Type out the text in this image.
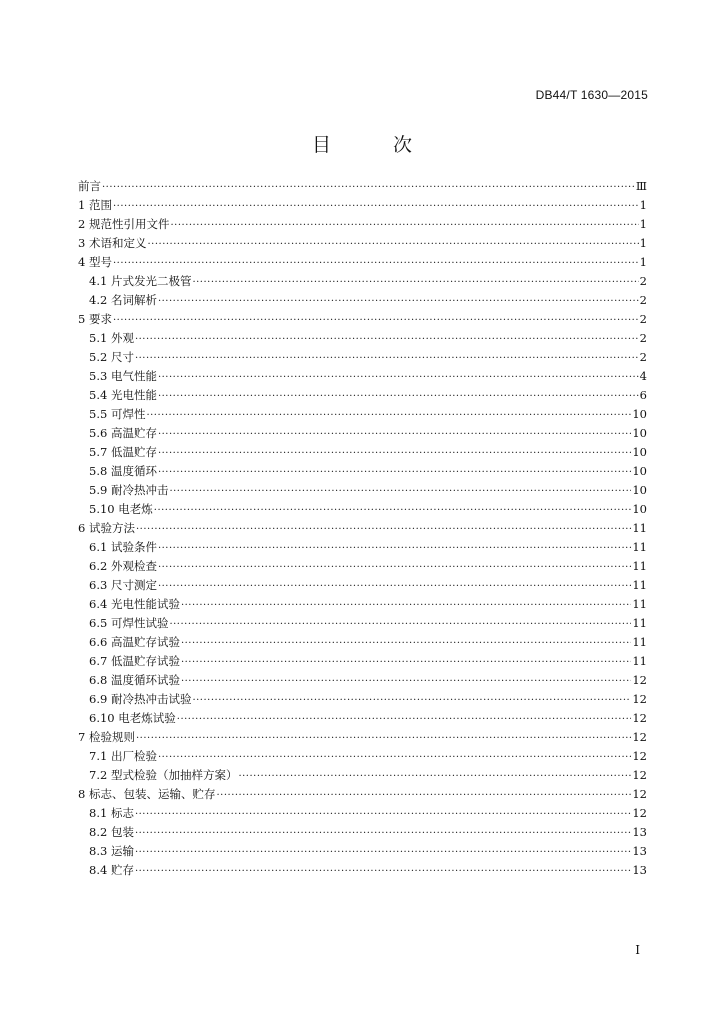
DB44/T 1630—2015
目 次
前言 ·····	Ⅲ
1 范围 ·····	1
2 规范性引用文件 ·····	1
3 术语和定义 ·····	1
4 型号 ·····	1
4.1 片式发光二极管 ·····	2
4.2 名词解析 ·····	2
5 要求 ·····	2
5.1 外观 ·····	2
5.2 尺寸 ·····	2
5.3 电气性能 ·····	4
5.4 光电性能 ·····	6
5.5 可焊性 ·····	10
5.6 高温贮存 ·····	10
5.7 低温贮存 ·····	10
5.8 温度循环 ·····	10
5.9 耐冷热冲击 ·····	10
5.10 电老炼 ·····	10
6 试验方法 ·····	11
6.1 试验条件 ·····	11
6.2 外观检查 ·····	11
6.3 尺寸测定 ·····	11
6.4 光电性能试验 ·····	11
6.5 可焊性试验 ·····	11
6.6 高温贮存试验 ·····	11
6.7 低温贮存试验 ·····	11
6.8 温度循环试验 ·····	12
6.9 耐冷热冲击试验 ·····	12
6.10 电老炼试验 ·····	12
7 检验规则 ·····	12
7.1 出厂检验 ·····	12
7.2 型式检验（加抽样方案） ·····	12
8 标志、包装、运输、贮存 ·····	12
8.1 标志 ·····	12
8.2 包装 ·····	13
8.3 运输 ·····	13
8.4 贮存 ·····	13
I
